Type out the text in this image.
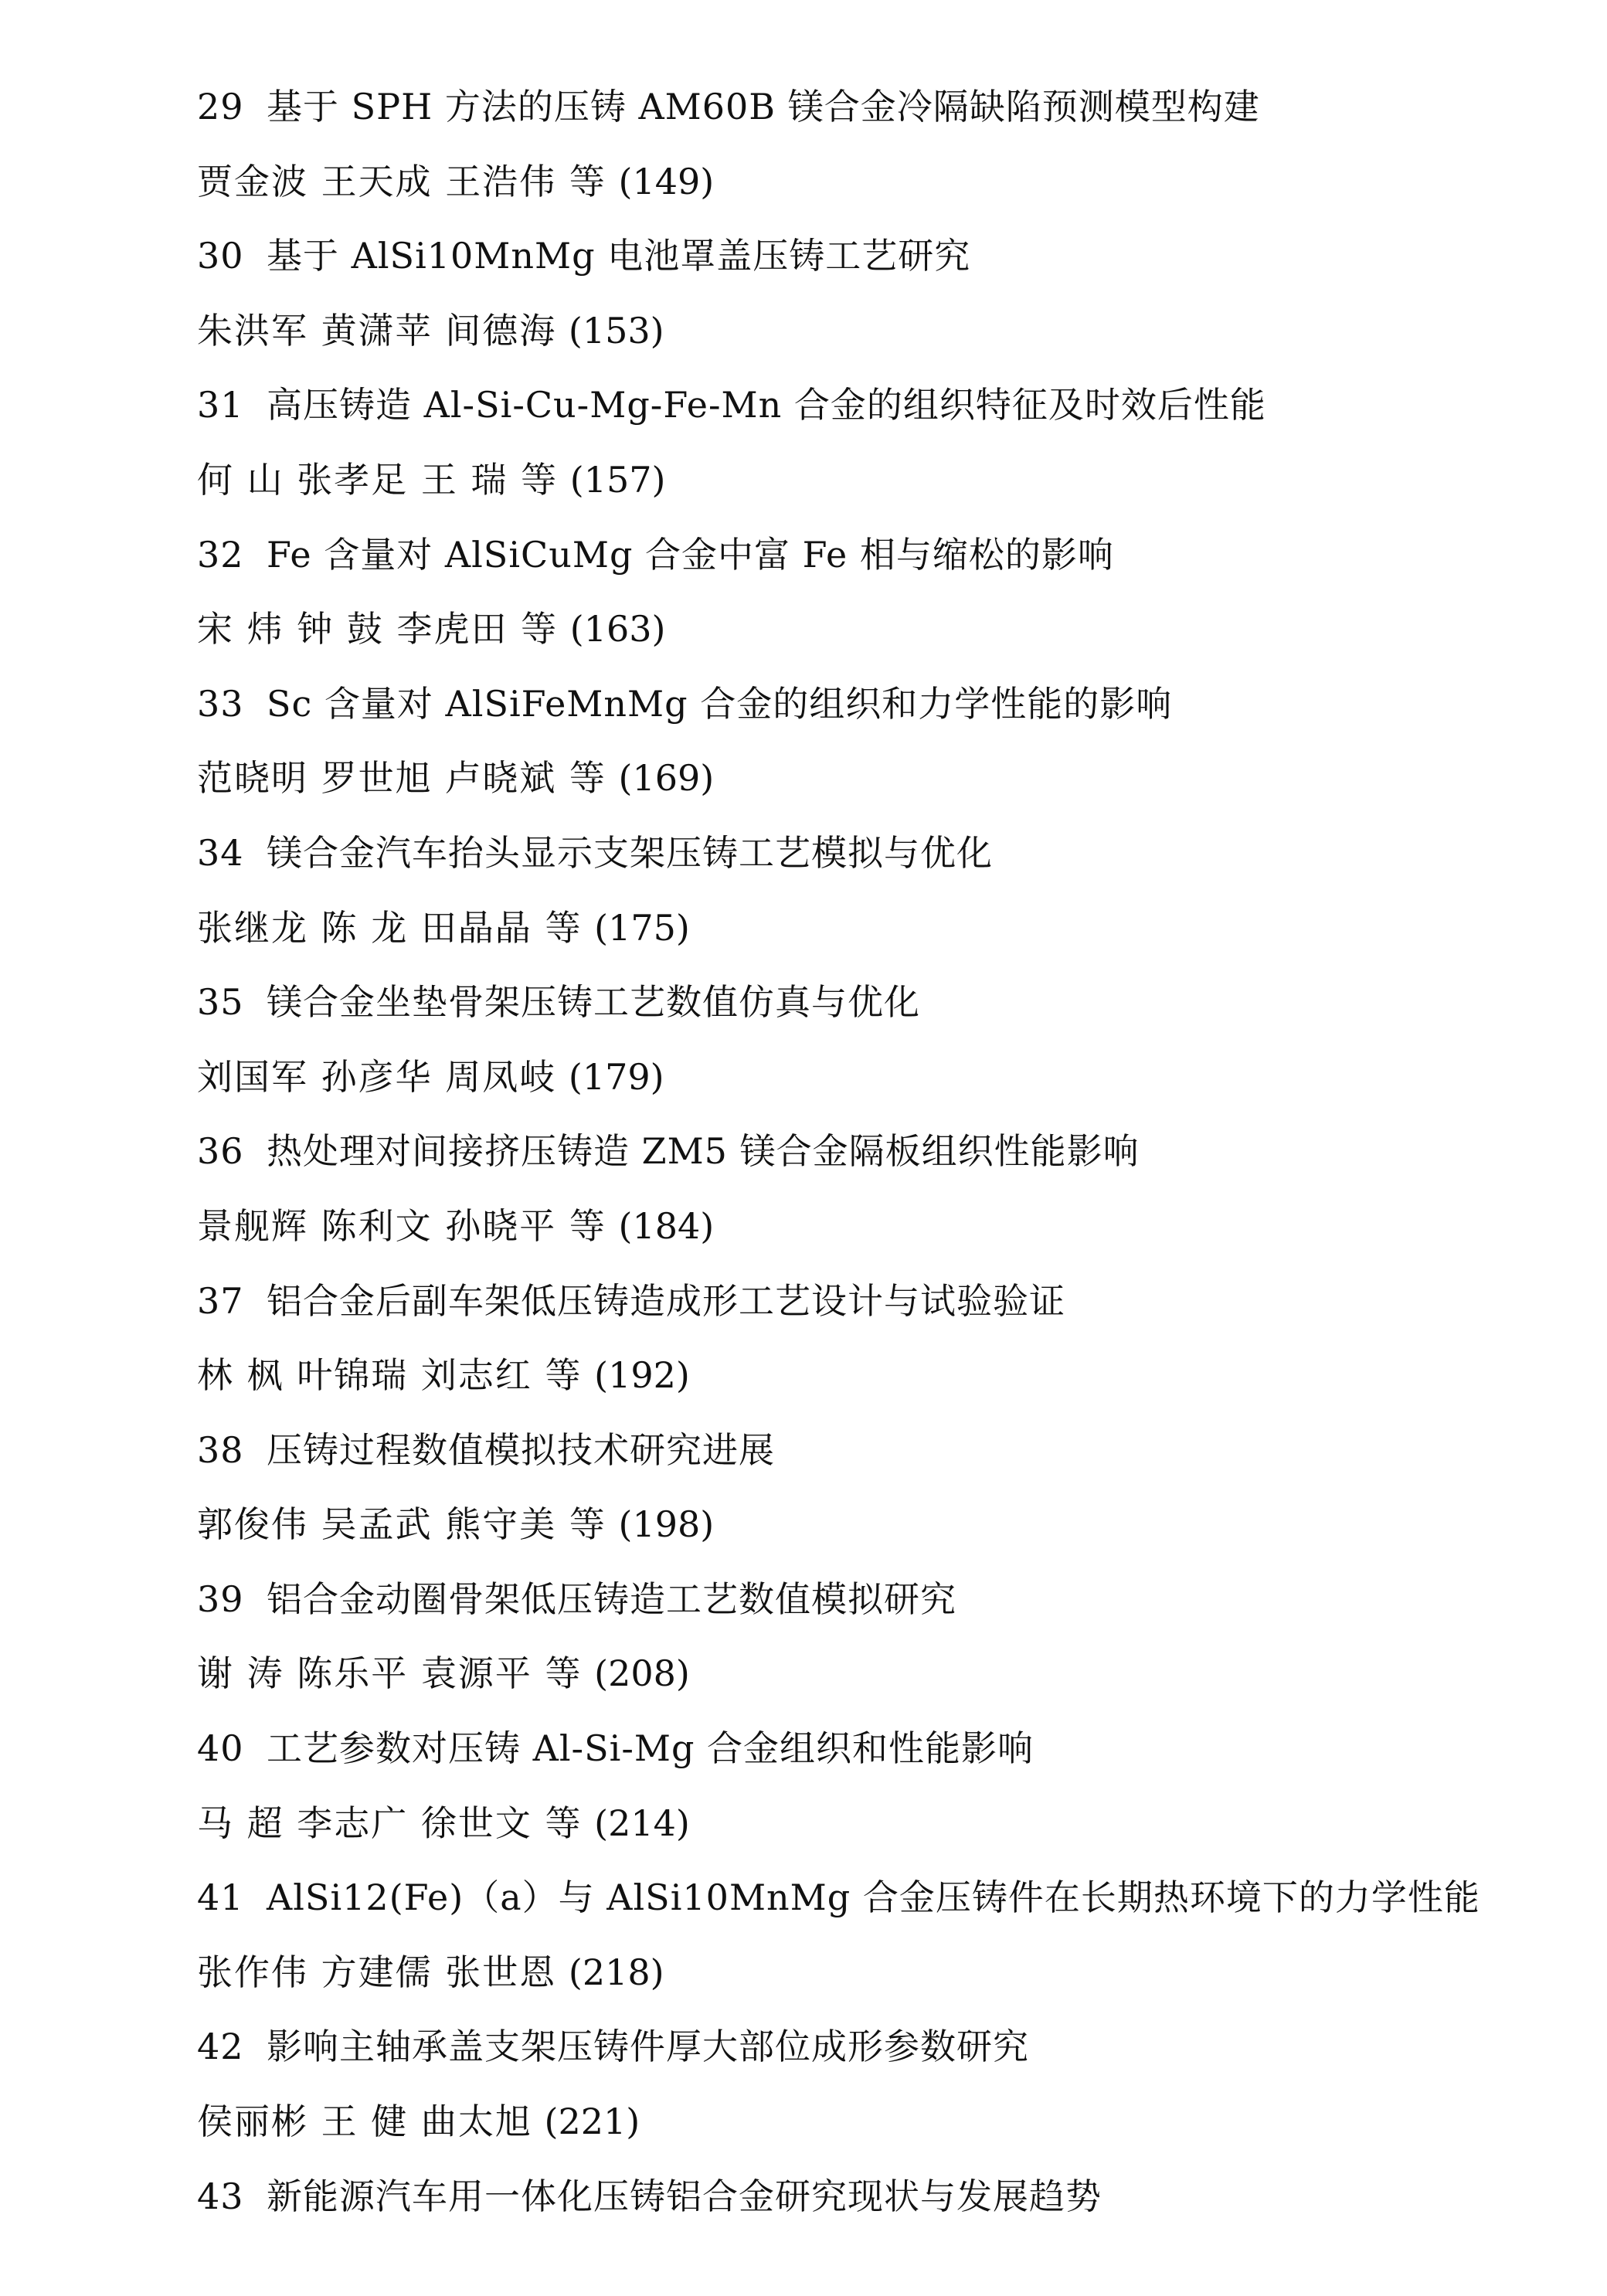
29 基于 SPH 方法的压铸 AM60B 镁合金冷隔缺陷预测模型构建
贾金波 王天成 王浩伟 等 (149)
30 基于 AlSi10MnMg 电池罩盖压铸工艺研究
朱洪军 黄潇苹 间德海 (153)
31 高压铸造 Al-Si-Cu-Mg-Fe-Mn 合金的组织特征及时效后性能
何 山 张孝足 王 瑞 等 (157)
32 Fe 含量对 AlSiCuMg 合金中富 Fe 相与缩松的影响
宋 炜 钟 鼓 李虎田 等 (163)
33 Sc 含量对 AlSiFeMnMg 合金的组织和力学性能的影响
范晓明 罗世旭 卢晓斌 等 (169)
34 镁合金汽车抬头显示支架压铸工艺模拟与优化
张继龙 陈 龙 田晶晶 等 (175)
35 镁合金坐垫骨架压铸工艺数值仿真与优化
刘国军 孙彦华 周凤岐 (179)
36 热处理对间接挤压铸造 ZM5 镁合金隔板组织性能影响
景舰辉 陈利文 孙晓平 等 (184)
37 铝合金后副车架低压铸造成形工艺设计与试验验证
林 枫 叶锦瑞 刘志红 等 (192)
38 压铸过程数值模拟技术研究进展
郭俊伟 吴孟武 熊守美 等 (198)
39 铝合金动圈骨架低压铸造工艺数值模拟研究
谢 涛 陈乐平 袁源平 等 (208)
40 工艺参数对压铸 Al-Si-Mg 合金组织和性能影响
马 超 李志广 徐世文 等 (214)
41 AlSi12(Fe)（a）与 AlSi10MnMg 合金压铸件在长期热环境下的力学性能
张作伟 方建儒 张世恩 (218)
42 影响主轴承盖支架压铸件厚大部位成形参数研究
侯丽彬 王 健 曲太旭 (221)
43 新能源汽车用一体化压铸铝合金研究现状与发展趋势
